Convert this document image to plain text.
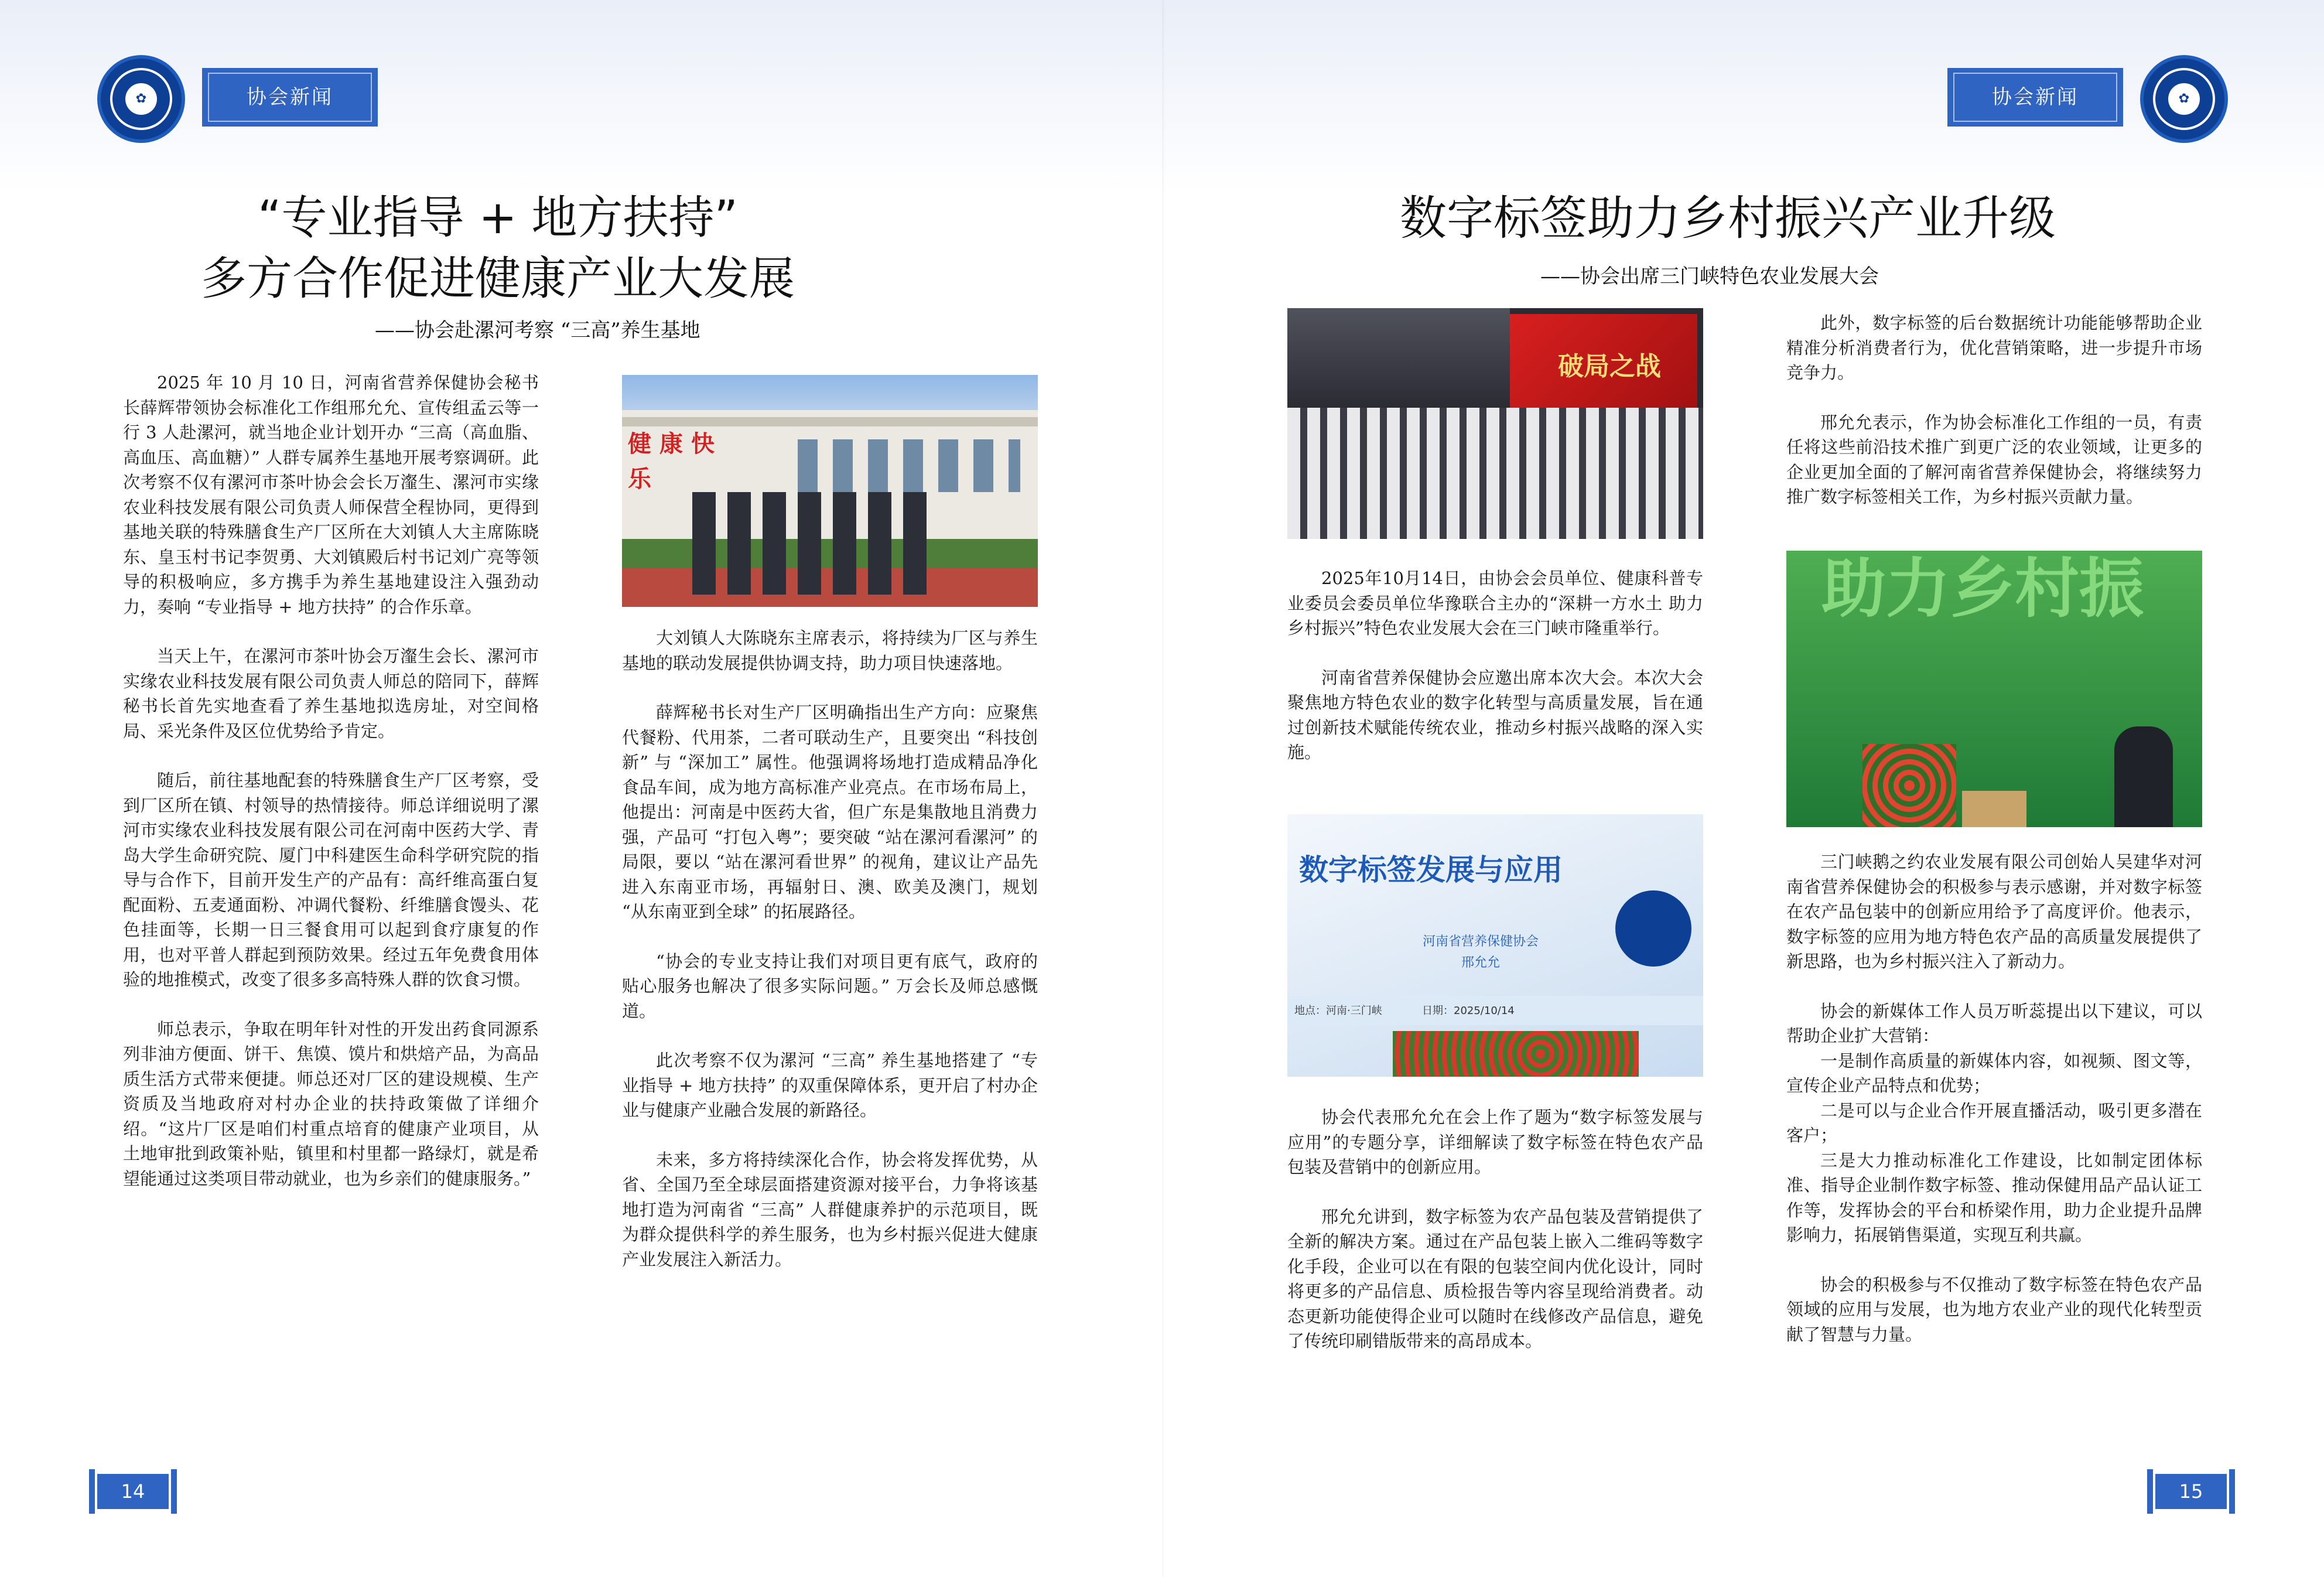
✿	协会新闻
“专业指导 + 地方扶持”
多方合作促进健康产业大发展
——协会赴漯河考察 “三高”养生基地

2025 年 10 月 10 日，河南省营养保健协会秘书长薛辉带领协会标准化工作组邢允允、宣传组孟云等一行 3 人赴漯河，就当地企业计划开办 “三高（高血脂、高血压、高血糖）” 人群专属养生基地开展考察调研。此次考察不仅有漯河市茶叶协会会长万瀣生、漯河市实缘农业科技发展有限公司负责人师保营全程协同，更得到基地关联的特殊膳食生产厂区所在大刘镇人大主席陈晓东、皇玉村书记李贺勇、大刘镇殿后村书记刘广亮等领导的积极响应，多方携手为养生基地建设注入强劲动力，奏响 “专业指导 + 地方扶持” 的合作乐章。

当天上午，在漯河市茶叶协会万瀣生会长、漯河市实缘农业科技发展有限公司负责人师总的陪同下，薛辉秘书长首先实地查看了养生基地拟选房址，对空间格局、采光条件及区位优势给予肯定。

随后，前往基地配套的特殊膳食生产厂区考察，受到厂区所在镇、村领导的热情接待。师总详细说明了漯河市实缘农业科技发展有限公司在河南中医药大学、青岛大学生命研究院、厦门中科建医生命科学研究院的指导与合作下，目前开发生产的产品有：高纤维高蛋白复配面粉、五麦通面粉、冲调代餐粉、纤维膳食馒头、花色挂面等，长期一日三餐食用可以起到食疗康复的作用，也对平普人群起到预防效果。经过五年免费食用体验的地推模式，改变了很多多高特殊人群的饮食习惯。

师总表示，争取在明年针对性的开发出药食同源系列非油方便面、饼干、焦馍、馍片和烘焙产品，为高品质生活方式带来便捷。师总还对厂区的建设规模、生产资质及当地政府对村办企业的扶持政策做了详细介绍。“这片厂区是咱们村重点培育的健康产业项目，从土地审批到政策补贴，镇里和村里都一路绿灯，就是希望能通过这类项目带动就业，也为乡亲们的健康服务。”

健 康 快 乐

大刘镇人大陈晓东主席表示，将持续为厂区与养生基地的联动发展提供协调支持，助力项目快速落地。

薛辉秘书长对生产厂区明确指出生产方向：应聚焦代餐粉、代用茶，二者可联动生产，且要突出 “科技创新” 与 “深加工” 属性。他强调将场地打造成精品净化食品车间，成为地方高标准产业亮点。在市场布局上，他提出：河南是中医药大省，但广东是集散地且消费力强，产品可 “打包入粤”；要突破 “站在漯河看漯河” 的局限，要以 “站在漯河看世界” 的视角，建议让产品先进入东南亚市场，再辐射日、澳、欧美及澳门，规划 “从东南亚到全球” 的拓展路径。

“协会的专业支持让我们对项目更有底气，政府的贴心服务也解决了很多实际问题。” 万会长及师总感慨道。

此次考察不仅为漯河 “三高” 养生基地搭建了 “专业指导 + 地方扶持” 的双重保障体系，更开启了村办企业与健康产业融合发展的新路径。

未来，多方将持续深化合作，协会将发挥优势，从省、全国乃至全球层面搭建资源对接平台，力争将该基地打造为河南省 “三高” 人群健康养护的示范项目，既为群众提供科学的养生服务，也为乡村振兴促进大健康产业发展注入新活力。

14
协会新闻	✿
数字标签助力乡村振兴产业升级
——协会出席三门峡特色农业发展大会
破局之战

2025年10月14日，由协会会员单位、健康科普专业委员会委员单位华豫联合主办的“深耕一方水土 助力乡村振兴”特色农业发展大会在三门峡市隆重举行。

河南省营养保健协会应邀出席本次大会。本次大会聚焦地方特色农业的数字化转型与高质量发展，旨在通过创新技术赋能传统农业，推动乡村振兴战略的深入实施。

数字标签发展与应用
河南省营养保健协会
邢允允
地点：河南·三门峡	日期：2025/10/14

协会代表邢允允在会上作了题为“数字标签发展与应用”的专题分享，详细解读了数字标签在特色农产品包装及营销中的创新应用。

邢允允讲到，数字标签为农产品包装及营销提供了全新的解决方案。通过在产品包装上嵌入二维码等数字化手段，企业可以在有限的包装空间内优化设计，同时将更多的产品信息、质检报告等内容呈现给消费者。动态更新功能使得企业可以随时在线修改产品信息，避免了传统印刷错版带来的高昂成本。

此外，数字标签的后台数据统计功能能够帮助企业精准分析消费者行为，优化营销策略，进一步提升市场竞争力。

邢允允表示，作为协会标准化工作组的一员，有责任将这些前沿技术推广到更广泛的农业领域，让更多的企业更加全面的了解河南省营养保健协会，将继续努力推广数字标签相关工作，为乡村振兴贡献力量。

助力乡村振

三门峡鹅之约农业发展有限公司创始人吴建华对河南省营养保健协会的积极参与表示感谢，并对数字标签在农产品包装中的创新应用给予了高度评价。他表示，数字标签的应用为地方特色农产品的高质量发展提供了新思路，也为乡村振兴注入了新动力。

协会的新媒体工作人员万昕蕊提出以下建议，可以帮助企业扩大营销：

一是制作高质量的新媒体内容，如视频、图文等，宣传企业产品特点和优势；

二是可以与企业合作开展直播活动，吸引更多潜在客户；

三是大力推动标准化工作建设，比如制定团体标准、指导企业制作数字标签、推动保健用品产品认证工作等，发挥协会的平台和桥梁作用，助力企业提升品牌影响力，拓展销售渠道，实现互利共赢。

协会的积极参与不仅推动了数字标签在特色农产品领域的应用与发展，也为地方农业产业的现代化转型贡献了智慧与力量。

15
